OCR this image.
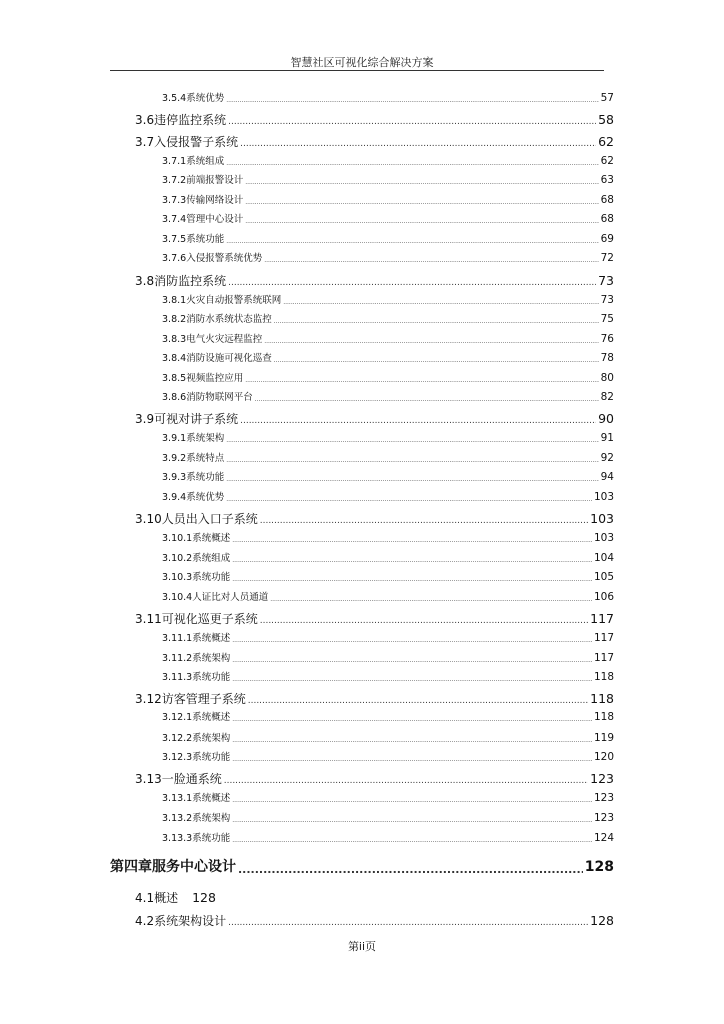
智慧社区可视化综合解决方案
3.5.4 系统优势 .....	57
3.6 违停监控系统 .....	58
3.7 入侵报警子系统 .....	62
3.7.1 系统组成 .....	62
3.7.2 前端报警设计 .....	63
3.7.3 传输网络设计 .....	68
3.7.4 管理中心设计 .....	68
3.7.5 系统功能 .....	69
3.7.6 入侵报警系统优势 .....	72
3.8 消防监控系统 .....	73
3.8.1 火灾自动报警系统联网 .....	73
3.8.2 消防水系统状态监控 .....	75
3.8.3 电气火灾远程监控 .....	76
3.8.4 消防设施可视化巡查 .....	78
3.8.5 视频监控应用 .....	80
3.8.6 消防物联网平台 .....	82
3.9 可视对讲子系统 .....	90
3.9.1 系统架构 .....	91
3.9.2 系统特点 .....	92
3.9.3 系统功能 .....	94
3.9.4 系统优势 .....	103
3.10 人员出入口子系统 .....	103
3.10.1 系统概述 .....	103
3.10.2 系统组成 .....	104
3.10.3 系统功能 .....	105
3.10.4 人证比对人员通道 .....	106
3.11 可视化巡更子系统 .....	117
3.11.1 系统概述 .....	117
3.11.2 系统架构 .....	117
3.11.3 系统功能 .....	118
3.12 访客管理子系统 .....	118
3.12.1 系统概述 .....	118
3.12.2 系统架构 .....	119
3.12.3 系统功能 .....	120
3.13 一脸通系统 .....	123
3.13.1 系统概述 .....	123
3.13.2 系统架构 .....	123
3.13.3 系统功能 .....	124
第四章 服务中心设计 .....	128
4.1 概述 128
4.2 系统架构设计 .....	128
第ii页
